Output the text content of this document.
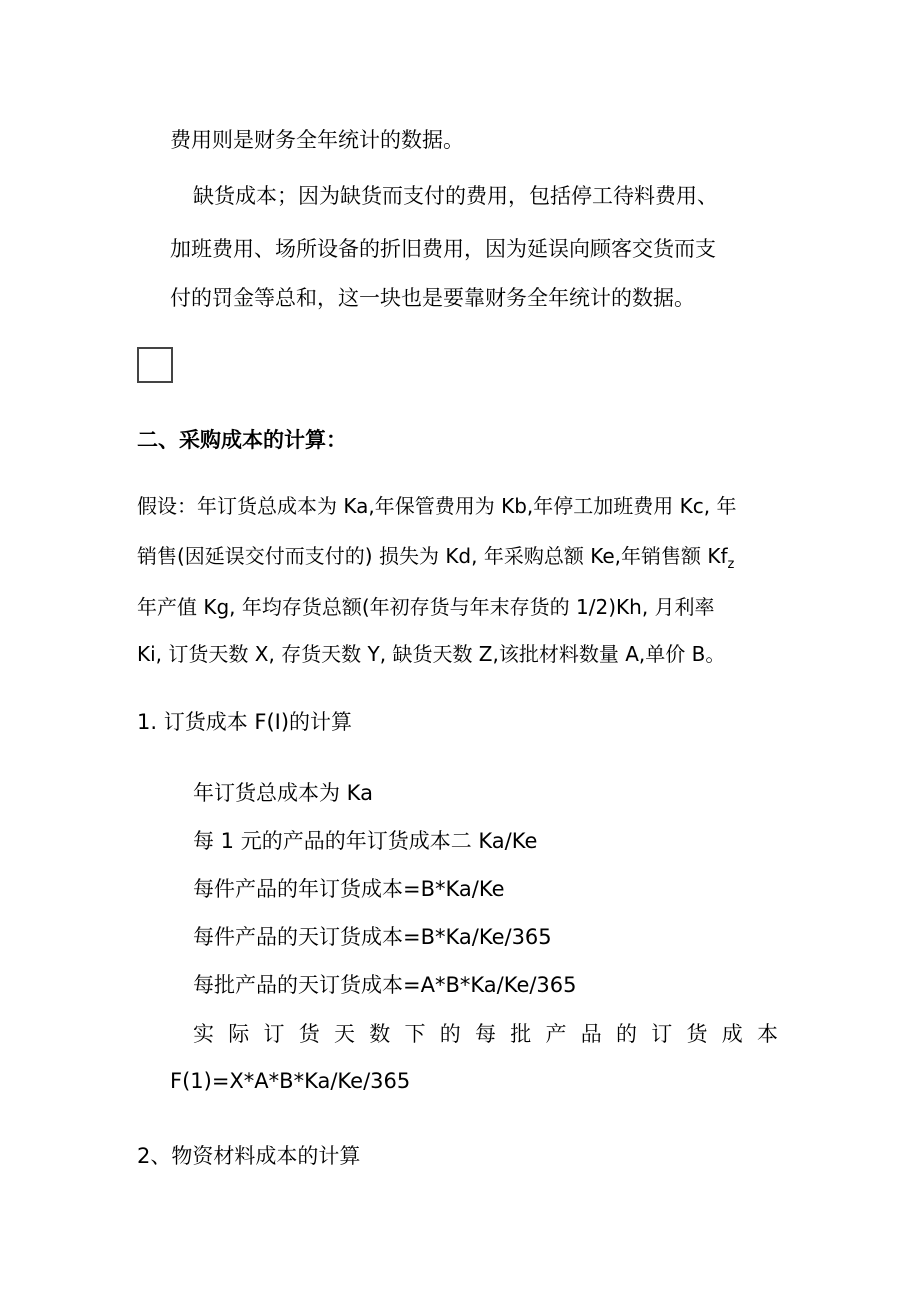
费用则是财务全年统计的数据。
缺货成本；因为缺货而支付的费用，包括停工待料费用、
加班费用、场所设备的折旧费用，因为延误向顾客交货而支
付的罚金等总和，这一块也是要靠财务全年统计的数据。
二、采购成本的计算：
假设：年订货总成本为 Ka,年保管费用为 Kb,年停工加班费用 Kc, 年
销售(因延误交付而支付的) 损失为 Kd, 年采购总额 Ke,年销售额 $Kf_z$
年产值 Kg, 年均存货总额(年初存货与年末存货的 1/2)Kh, 月利率
Ki, 订货天数 X, 存货天数 Y, 缺货天数 Z,该批材料数量 A,单价 B。
1. 订货成本 F(I)的计算
年订货总成本为 Ka
每 1 元的产品的年订货成本二 Ka/Ke
每件产品的年订货成本=B*Ka/Ke
每件产品的天订货成本=B*Ka/Ke/365
每批产品的天订货成本=A*B*Ka/Ke/365
实 际 订 货 天 数 下 的 每 批 产 品 的 订 货 成 本
F(1)=X*A*B*Ka/Ke/365
2、物资材料成本的计算
